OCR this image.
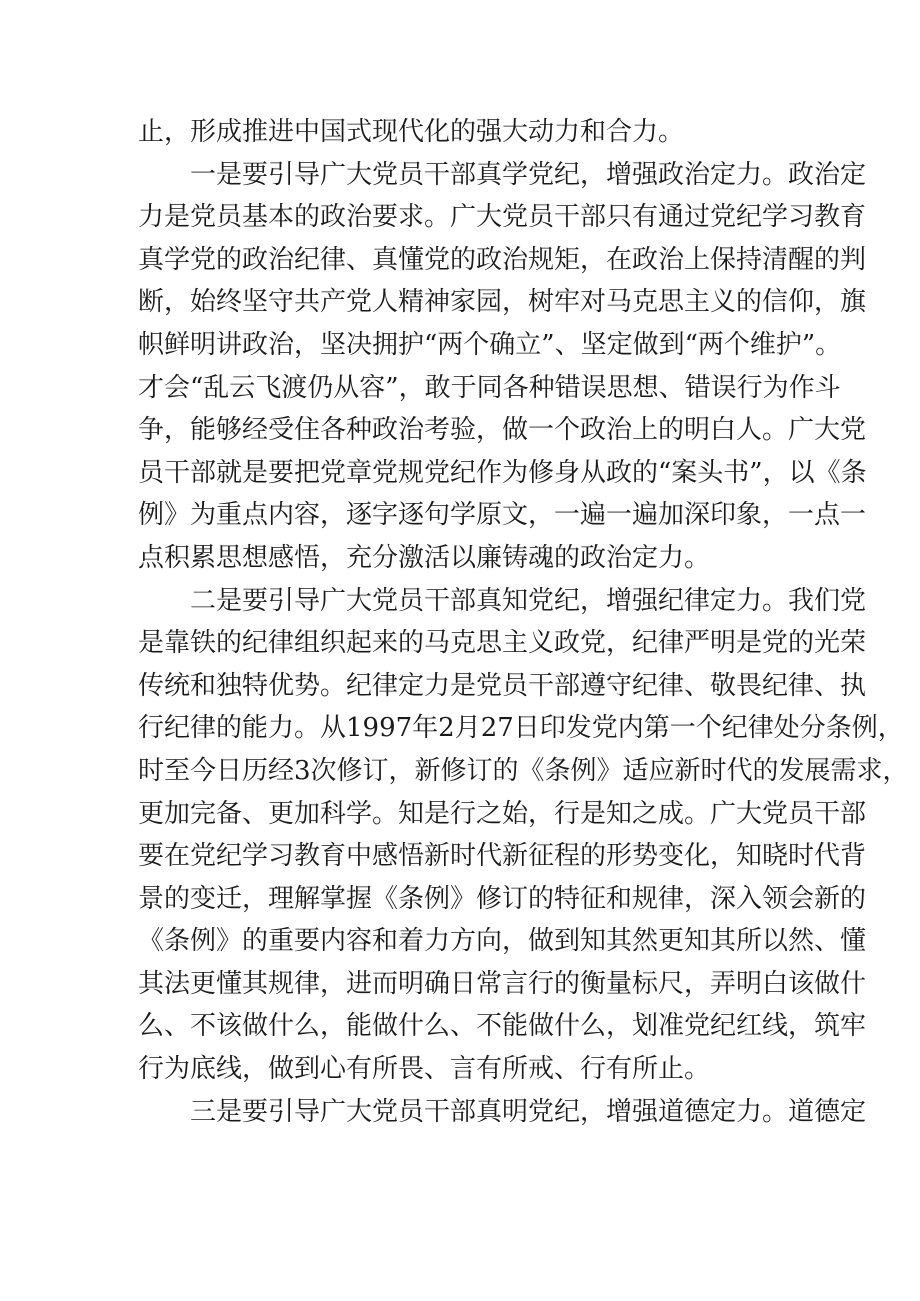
止，形成推进中国式现代化的强大动力和合力。

一是要引导广大党员干部真学党纪，增强政治定力。政治定
力是党员基本的政治要求。广大党员干部只有通过党纪学习教育
真学党的政治纪律、真懂党的政治规矩，在政治上保持清醒的判
断，始终坚守共产党人精神家园，树牢对马克思主义的信仰，旗
帜鲜明讲政治，坚决拥护“两个确立”、坚定做到“两个维护”。
才会“乱云飞渡仍从容”，敢于同各种错误思想、错误行为作斗
争，能够经受住各种政治考验，做一个政治上的明白人。广大党
员干部就是要把党章党规党纪作为修身从政的“案头书”，以《条
例》为重点内容，逐字逐句学原文，一遍一遍加深印象，一点一
点积累思想感悟，充分激活以廉铸魂的政治定力。

二是要引导广大党员干部真知党纪，增强纪律定力。我们党
是靠铁的纪律组织起来的马克思主义政党，纪律严明是党的光荣
传统和独特优势。纪律定力是党员干部遵守纪律、敬畏纪律、执
行纪律的能力。从1997年2月27日印发党内第一个纪律处分条例，
时至今日历经3次修订，新修订的《条例》适应新时代的发展需求，
更加完备、更加科学。知是行之始，行是知之成。广大党员干部
要在党纪学习教育中感悟新时代新征程的形势变化，知晓时代背
景的变迁，理解掌握《条例》修订的特征和规律，深入领会新的
《条例》的重要内容和着力方向，做到知其然更知其所以然、懂
其法更懂其规律，进而明确日常言行的衡量标尺，弄明白该做什
么、不该做什么，能做什么、不能做什么，划准党纪红线，筑牢
行为底线，做到心有所畏、言有所戒、行有所止。

三是要引导广大党员干部真明党纪，增强道德定力。道德定
